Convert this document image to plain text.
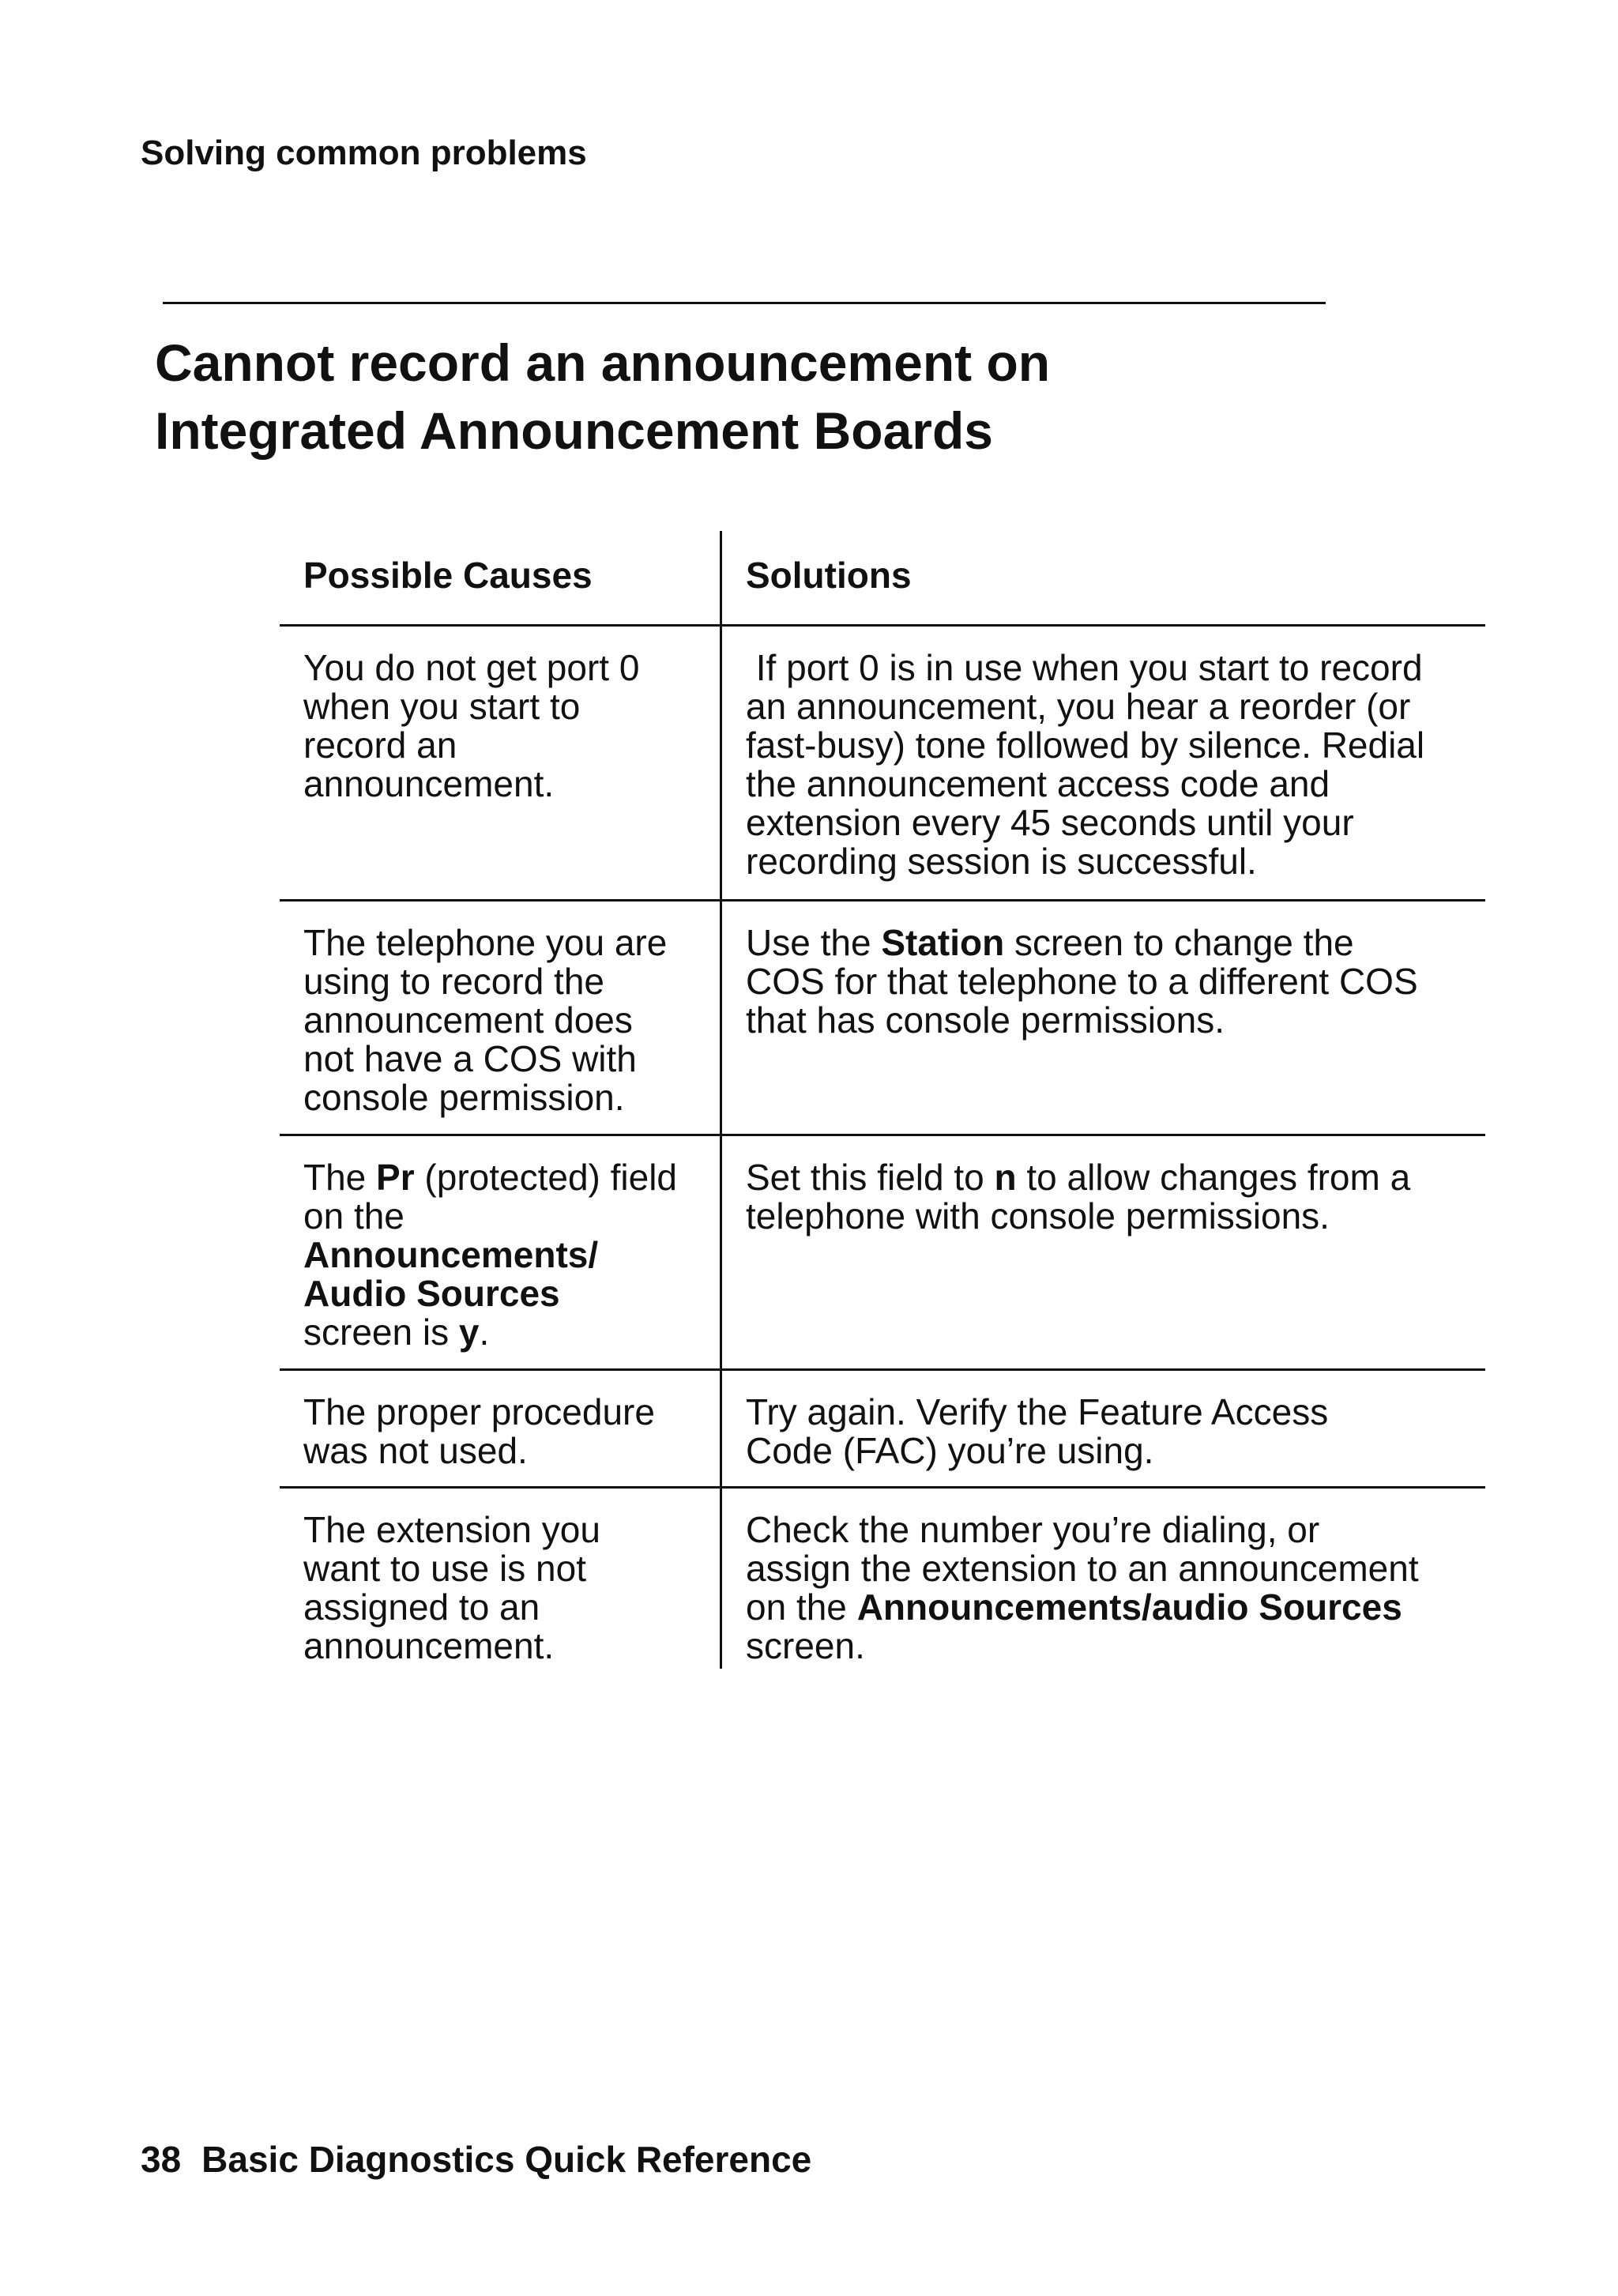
Solving common problems
Cannot record an announcement on
Integrated Announcement Boards
Possible Causes	Solutions
You do not get port 0
when you start to
record an
announcement.
If port 0 is in use when you start to record
an announcement, you hear a reorder (or
fast-busy) tone followed by silence. Redial
the announcement access code and
extension every 45 seconds until your
recording session is successful.
The telephone you are
using to record the
announcement does
not have a COS with
console permission.
Use the Station screen to change the
COS for that telephone to a different COS
that has console permissions.
The Pr (protected) field
on the
Announcements/
Audio Sources
screen is y.
Set this field to n to allow changes from a
telephone with console permissions.
The proper procedure
was not used.
Try again. Verify the Feature Access
Code (FAC) you’re using.
The extension you
want to use is not
assigned to an
announcement.
Check the number you’re dialing, or
assign the extension to an announcement
on the Announcements/audio Sources
screen.
38 Basic Diagnostics Quick Reference
